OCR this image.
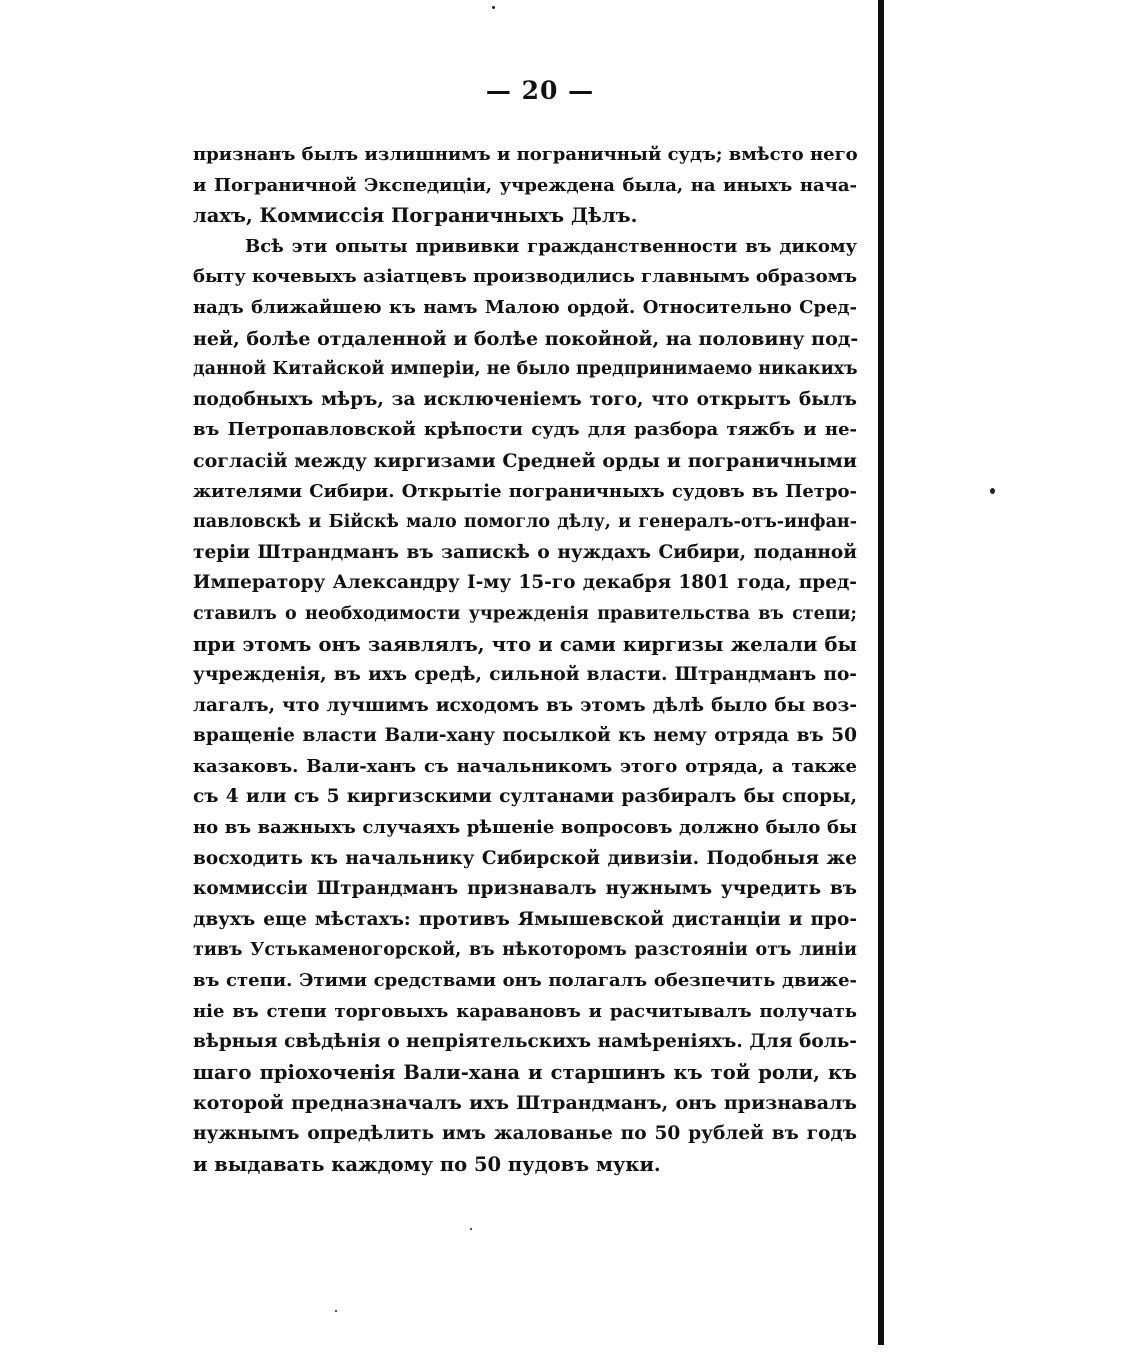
— 20 —
признанъ былъ излишнимъ и пограничный судъ; вмѣсто него
и Пограничной Экспедиціи, учреждена была, на иныхъ нача-
лахъ, Коммиссія Пограничныхъ Дѣлъ.
Всѣ эти опыты прививки гражданственности въ дикому
быту кочевыхъ азіатцевъ производились главнымъ образомъ
надъ ближайшею къ намъ Малою ордой. Относительно Сред-
ней, болѣе отдаленной и болѣе покойной, на половину под-
данной Китайской имперіи, не было предпринимаемо никакихъ
подобныхъ мѣръ, за исключеніемъ того, что открытъ былъ
въ Петропавловской крѣпости судъ для разбора тяжбъ и не-
согласій между киргизами Средней орды и пограничными
жителями Сибири. Открытіе пограничныхъ судовъ въ Петро-
павловскѣ и Бійскѣ мало помогло дѣлу, и генералъ-отъ-инфан-
теріи Штрандманъ въ запискѣ о нуждахъ Сибири, поданной
Императору Александру I-му 15-го декабря 1801 года, пред-
ставилъ о необходимости учрежденія правительства въ степи;
при этомъ онъ заявлялъ, что и сами киргизы желали бы
учрежденія, въ ихъ средѣ, сильной власти. Штрандманъ по-
лагалъ, что лучшимъ исходомъ въ этомъ дѣлѣ было бы воз-
вращеніе власти Вали-хану посылкой къ нему отряда въ 50
казаковъ. Вали-ханъ съ начальникомъ этого отряда, а также
съ 4 или съ 5 киргизскими султанами разбиралъ бы споры,
но въ важныхъ случаяхъ рѣшеніе вопросовъ должно было бы
восходить къ начальнику Сибирской дивизіи. Подобныя же
коммиссіи Штрандманъ признавалъ нужнымъ учредить въ
двухъ еще мѣстахъ: противъ Ямышевской дистанціи и про-
тивъ Устькаменогорской, въ нѣкоторомъ разстояніи отъ линіи
въ степи. Этими средствами онъ полагалъ обезпечить движе-
ніе въ степи торговыхъ каравановъ и расчитывалъ получать
вѣрныя свѣдѣнія о непріятельскихъ намѣреніяхъ. Для боль-
шаго пріохоченія Вали-хана и старшинъ къ той роли, къ
которой предназначалъ ихъ Штрандманъ, онъ признавалъ
нужнымъ опредѣлить имъ жалованье по 50 рублей въ годъ
и выдавать каждому по 50 пудовъ муки.
